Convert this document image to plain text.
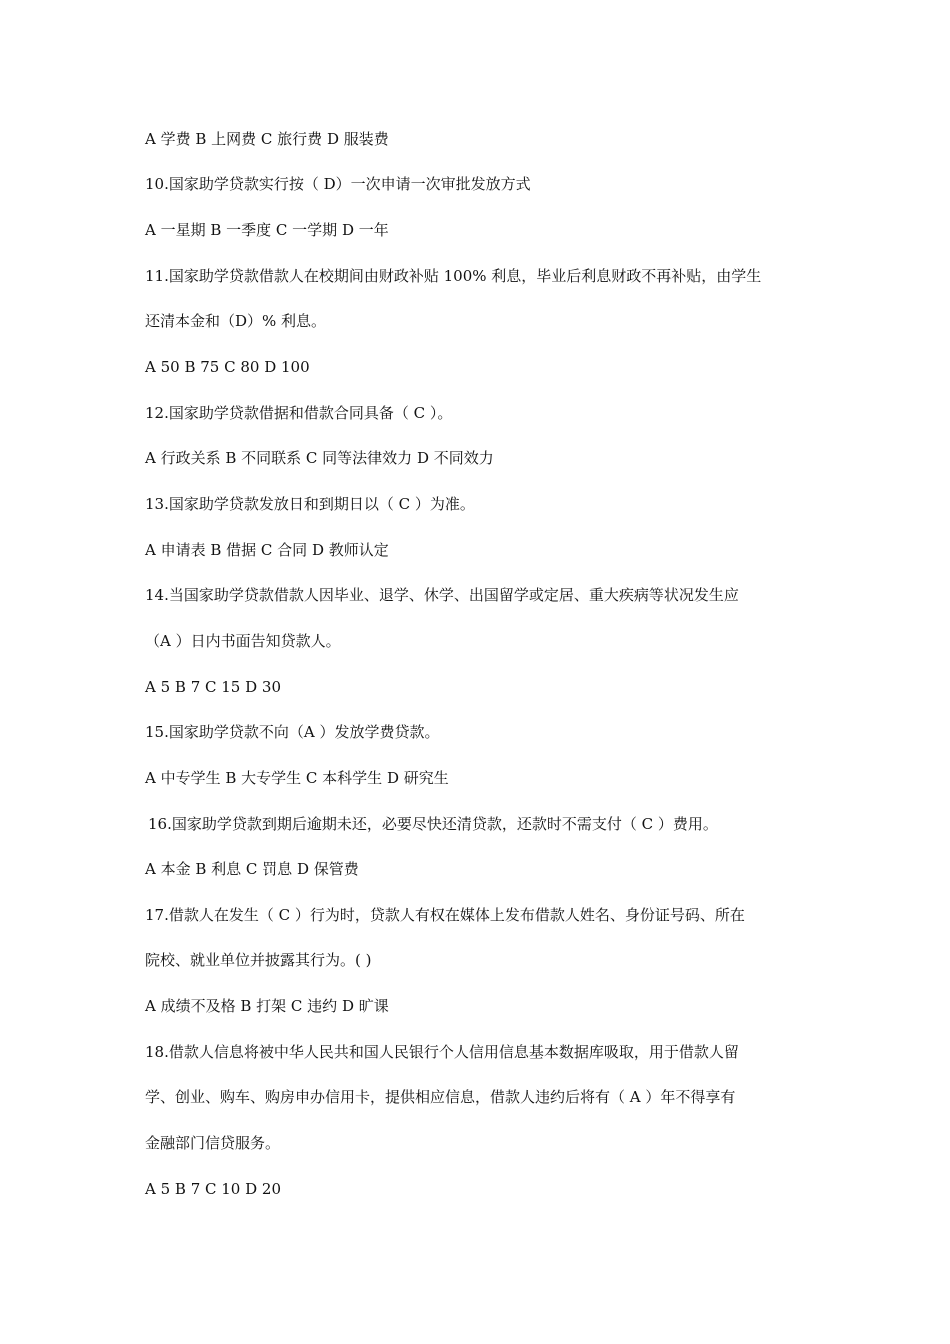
A 学费 B 上网费 C 旅行费 D 服装费
10.国家助学贷款实行按（ D）一次申请一次审批发放方式
A 一星期 B 一季度 C 一学期 D 一年
11.国家助学贷款借款人在校期间由财政补贴 100% 利息，毕业后利息财政不再补贴，由学生
还清本金和（D）% 利息。
A 50 B 75 C 80 D 100
12.国家助学贷款借据和借款合同具备（ C ）。
A 行政关系 B 不同联系 C 同等法律效力 D 不同效力
13.国家助学贷款发放日和到期日以（ C ）为准。
A 申请表 B 借据 C 合同 D 教师认定
14.当国家助学贷款借款人因毕业、退学、休学、出国留学或定居、重大疾病等状况发生应
（A ）日内书面告知贷款人。
A 5 B 7 C 15 D 30
15.国家助学贷款不向（A ）发放学费贷款。
A 中专学生 B 大专学生 C 本科学生 D 研究生
16.国家助学贷款到期后逾期未还，必要尽快还清贷款，还款时不需支付（ C ）费用。
A 本金 B 利息 C 罚息 D 保管费
17.借款人在发生（ C ）行为时，贷款人有权在媒体上发布借款人姓名、身份证号码、所在
院校、就业单位并披露其行为。( )
A 成绩不及格 B 打架 C 违约 D 旷课
18.借款人信息将被中华人民共和国人民银行个人信用信息基本数据库吸取，用于借款人留
学、创业、购车、购房申办信用卡，提供相应信息，借款人违约后将有（ A ）年不得享有
金融部门信贷服务。
A 5 B 7 C 10 D 20
